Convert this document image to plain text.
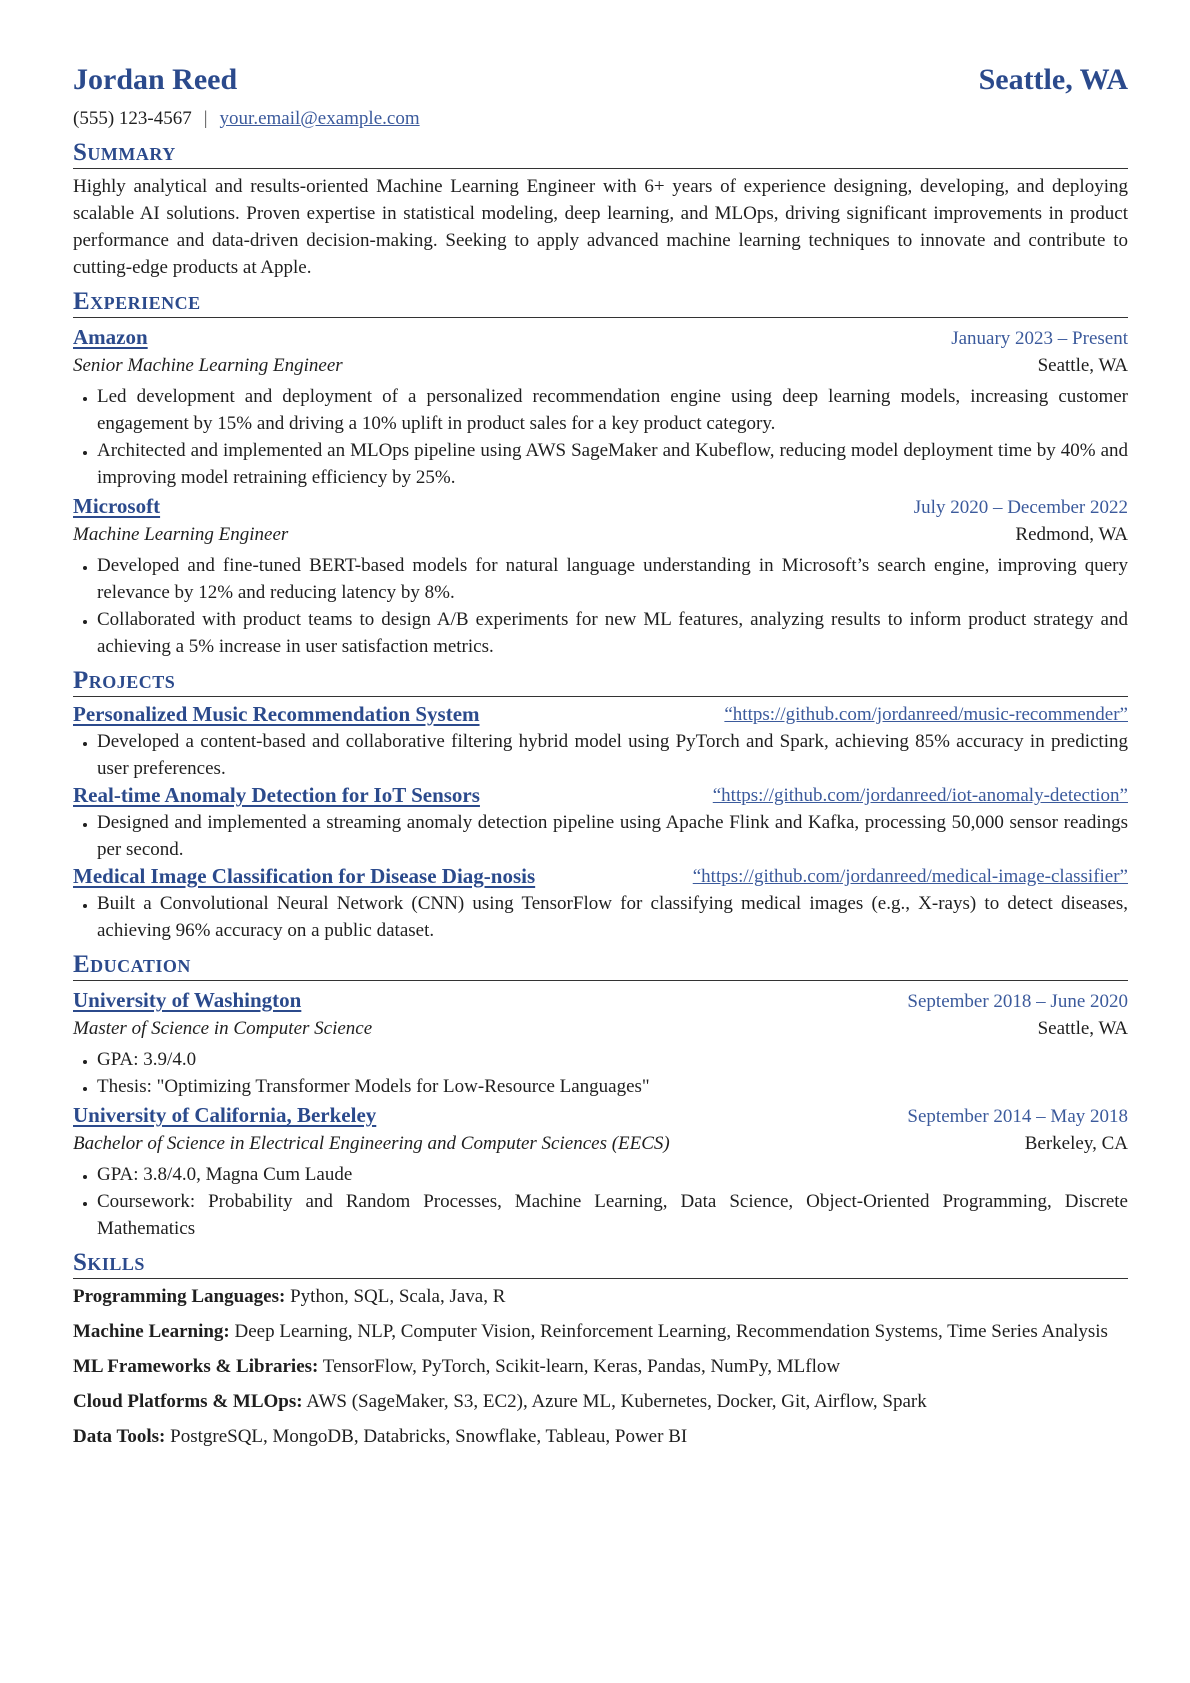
Jordan Reed	Seattle, WA
(555) 123-4567 | your.email@example.com
Summary
Highly analytical and results-oriented Machine Learning Engineer with 6+ years of experience designing, developing, and deploying scalable AI solutions. Proven expertise in statistical modeling, deep learning, and MLOps, driving significant improvements in product performance and data-driven decision-making. Seeking to apply advanced machine learning techniques to innovate and contribute to cutting-edge products at Apple.
Experience
Amazon	January 2023 – Present
Senior Machine Learning Engineer	Seattle, WA
• Led development and deployment of a personalized recommendation engine using deep learning models, increasing customer engagement by 15% and driving a 10% uplift in product sales for a key product category.
• Architected and implemented an MLOps pipeline using AWS SageMaker and Kubeflow, reducing model deployment time by 40% and improving model retraining efficiency by 25%.
Microsoft	July 2020 – December 2022
Machine Learning Engineer	Redmond, WA
• Developed and fine-tuned BERT-based models for natural language understanding in Microsoft’s search engine, improving query relevance by 12% and reducing latency by 8%.
• Collaborated with product teams to design A/B experiments for new ML features, analyzing results to inform product strategy and achieving a 5% increase in user satisfaction metrics.
Projects
Personalized Music Recommendation System	“https://github.com/jordanreed/music-recommender”
• Developed a content-based and collaborative filtering hybrid model using PyTorch and Spark, achieving 85% accuracy in predicting user preferences.
Real-time Anomaly Detection for IoT Sensors	“https://github.com/jordanreed/iot-anomaly-detection”
• Designed and implemented a streaming anomaly detection pipeline using Apache Flink and Kafka, processing 50,000 sensor readings per second.
Medical Image Classification for Disease Diag-nosis	“https://github.com/jordanreed/medical-image-classifier”
• Built a Convolutional Neural Network (CNN) using TensorFlow for classifying medical images (e.g., X-rays) to detect diseases, achieving 96% accuracy on a public dataset.
Education
University of Washington	September 2018 – June 2020
Master of Science in Computer Science	Seattle, WA
• GPA: 3.9/4.0
• Thesis: "Optimizing Transformer Models for Low-Resource Languages"
University of California, Berkeley	September 2014 – May 2018
Bachelor of Science in Electrical Engineering and Computer Sciences (EECS)	Berkeley, CA
• GPA: 3.8/4.0, Magna Cum Laude
• Coursework: Probability and Random Processes, Machine Learning, Data Science, Object-Oriented Programming, Discrete Mathematics
Skills
Programming Languages: Python, SQL, Scala, Java, R
Machine Learning: Deep Learning, NLP, Computer Vision, Reinforcement Learning, Recommendation Systems, Time Series Analysis
ML Frameworks & Libraries: TensorFlow, PyTorch, Scikit-learn, Keras, Pandas, NumPy, MLflow
Cloud Platforms & MLOps: AWS (SageMaker, S3, EC2), Azure ML, Kubernetes, Docker, Git, Airflow, Spark
Data Tools: PostgreSQL, MongoDB, Databricks, Snowflake, Tableau, Power BI
